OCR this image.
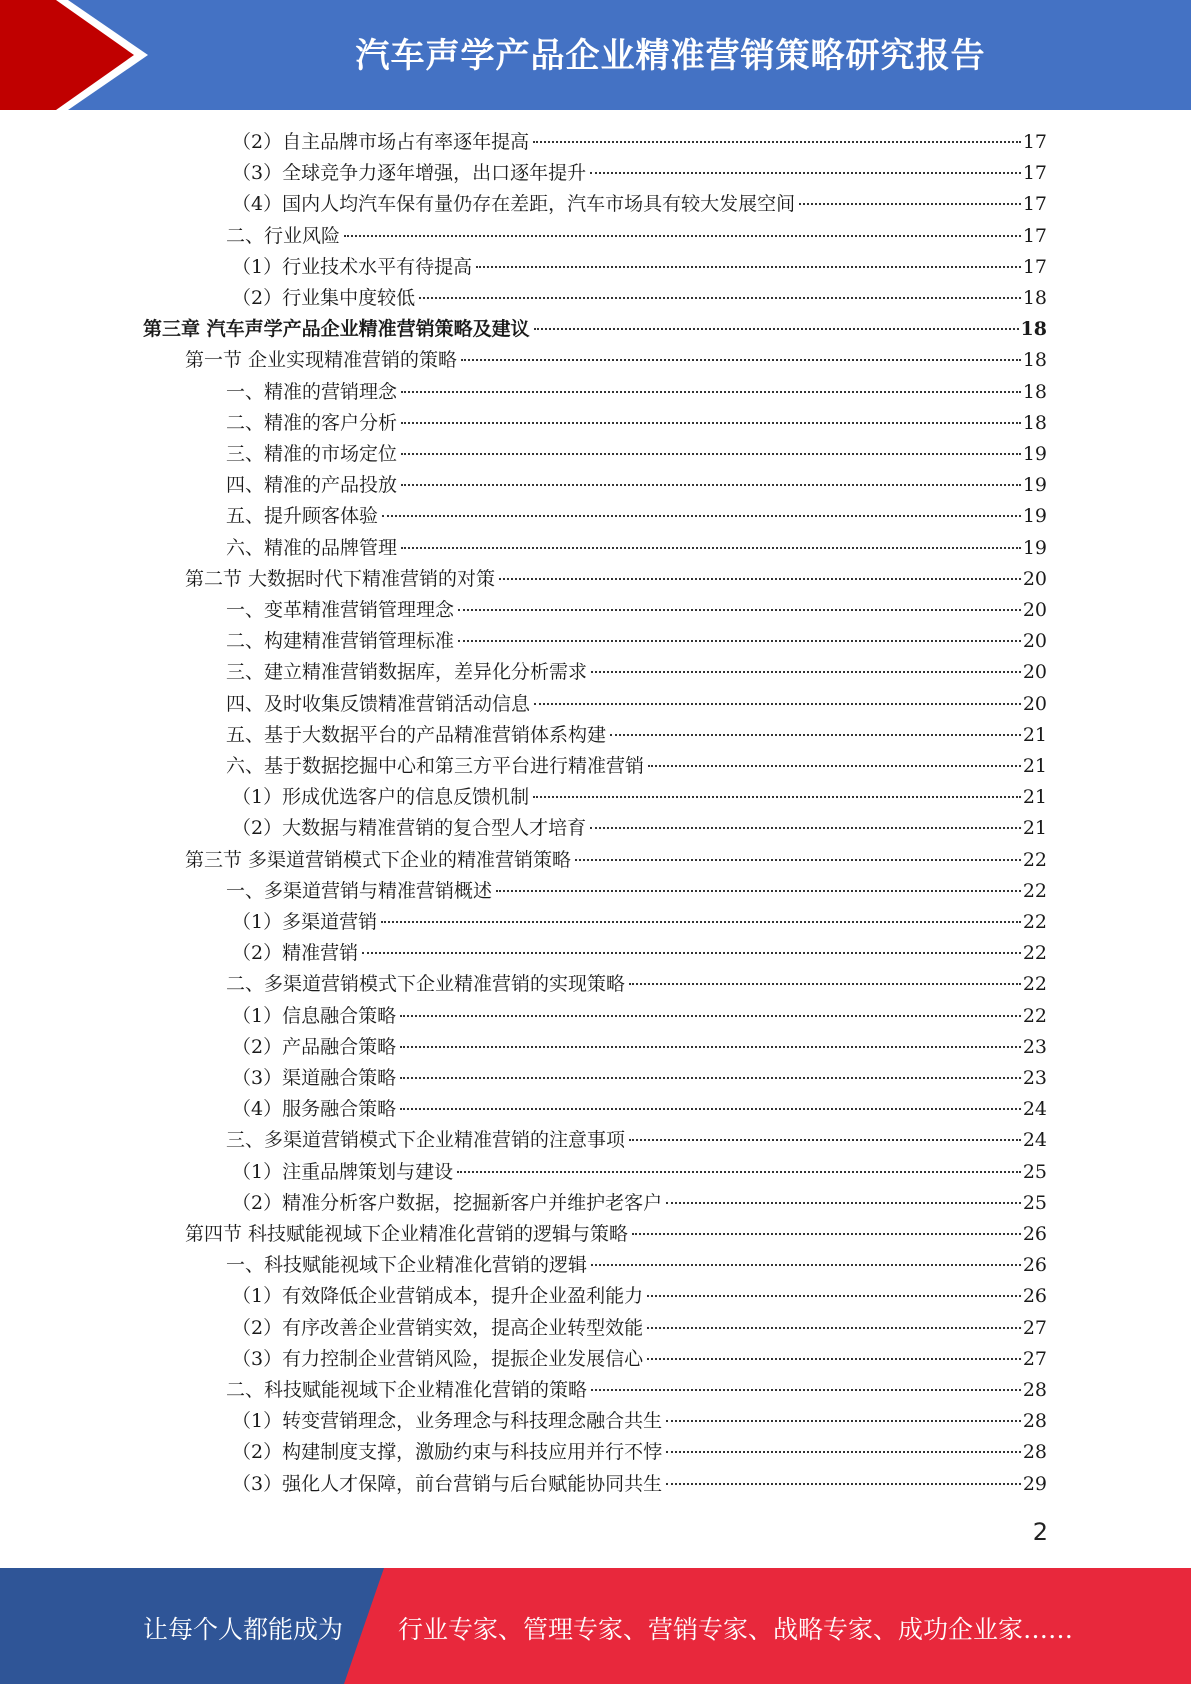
汽车声学产品企业精准营销策略研究报告
（2）自主品牌市场占有率逐年提高	17
（3）全球竞争力逐年增强，出口逐年提升	17
（4）国内人均汽车保有量仍存在差距，汽车市场具有较大发展空间	17
二、行业风险	17
（1）行业技术水平有待提高	17
（2）行业集中度较低	18
第三章 汽车声学产品企业精准营销策略及建议	18
第一节 企业实现精准营销的策略	18
一、精准的营销理念	18
二、精准的客户分析	18
三、精准的市场定位	19
四、精准的产品投放	19
五、提升顾客体验	19
六、精准的品牌管理	19
第二节 大数据时代下精准营销的对策	20
一、变革精准营销管理理念	20
二、构建精准营销管理标准	20
三、建立精准营销数据库，差异化分析需求	20
四、及时收集反馈精准营销活动信息	20
五、基于大数据平台的产品精准营销体系构建	21
六、基于数据挖掘中心和第三方平台进行精准营销	21
（1）形成优选客户的信息反馈机制	21
（2）大数据与精准营销的复合型人才培育	21
第三节 多渠道营销模式下企业的精准营销策略	22
一、多渠道营销与精准营销概述	22
（1）多渠道营销	22
（2）精准营销	22
二、多渠道营销模式下企业精准营销的实现策略	22
（1）信息融合策略	22
（2）产品融合策略	23
（3）渠道融合策略	23
（4）服务融合策略	24
三、多渠道营销模式下企业精准营销的注意事项	24
（1）注重品牌策划与建设	25
（2）精准分析客户数据，挖掘新客户并维护老客户	25
第四节 科技赋能视域下企业精准化营销的逻辑与策略	26
一、科技赋能视域下企业精准化营销的逻辑	26
（1）有效降低企业营销成本，提升企业盈利能力	26
（2）有序改善企业营销实效，提高企业转型效能	27
（3）有力控制企业营销风险，提振企业发展信心	27
二、科技赋能视域下企业精准化营销的策略	28
（1）转变营销理念，业务理念与科技理念融合共生	28
（2）构建制度支撑，激励约束与科技应用并行不悖	28
（3）强化人才保障，前台营销与后台赋能协同共生	29
2
让每个人都能成为 行业专家、管理专家、营销专家、战略专家、成功企业家……
